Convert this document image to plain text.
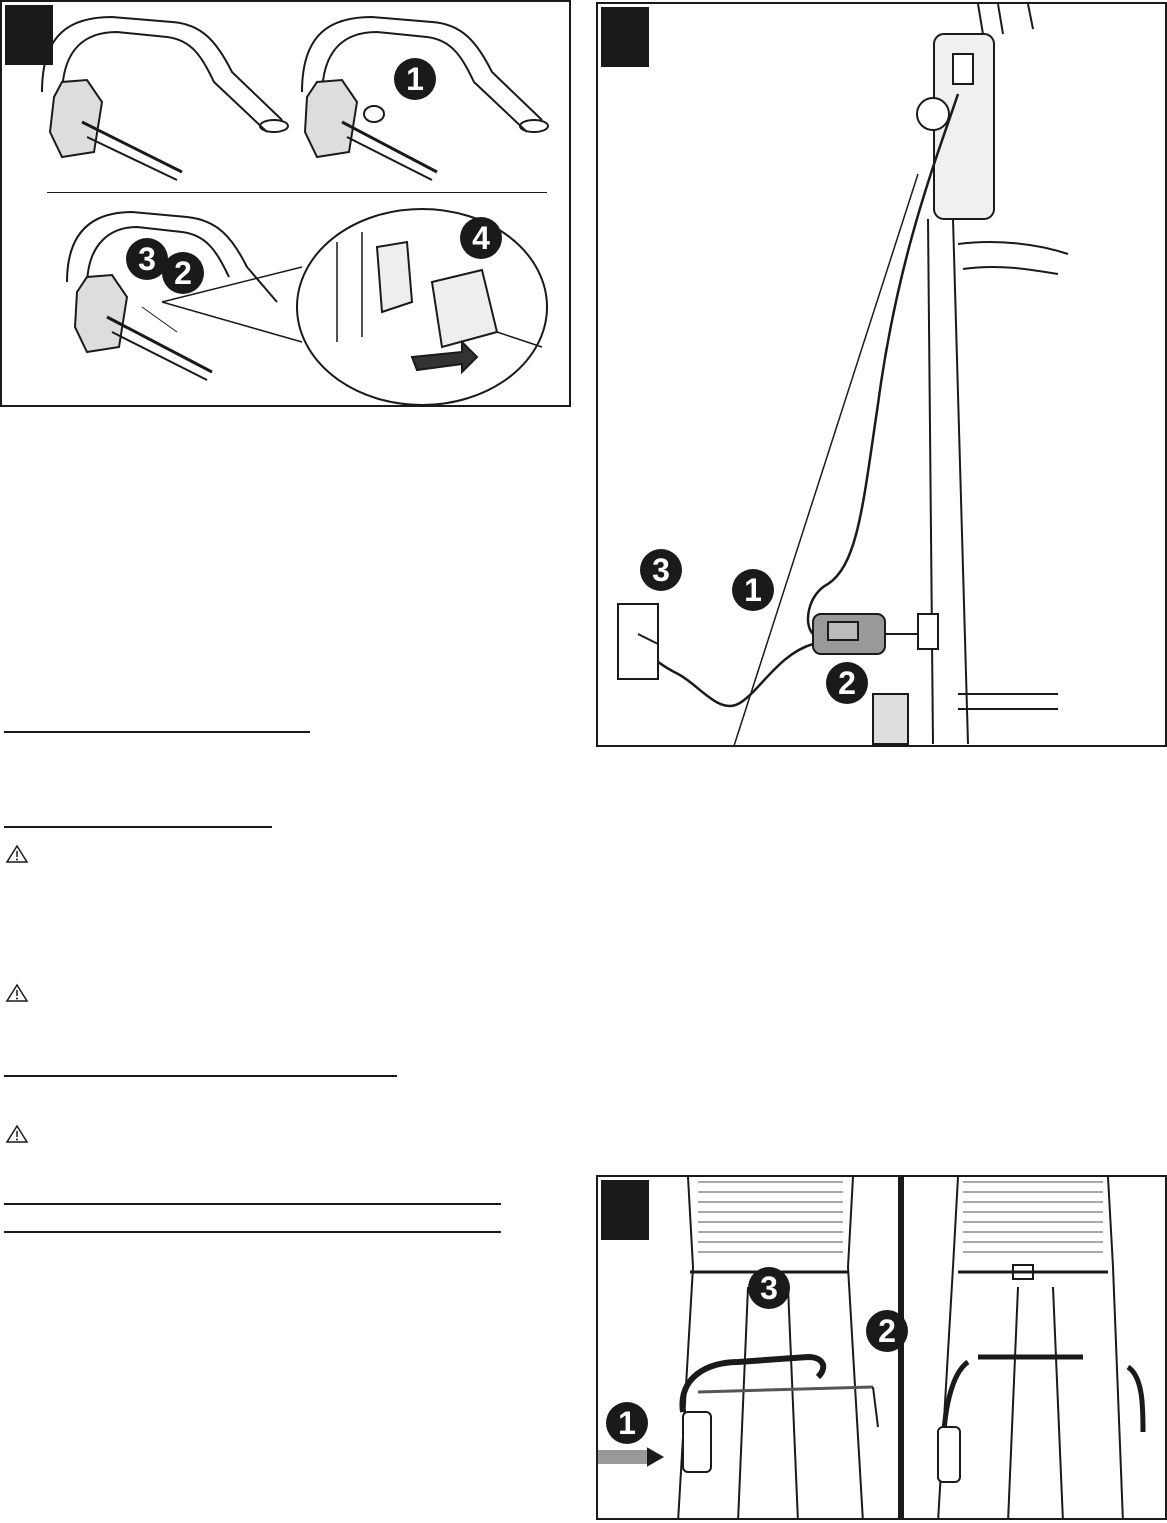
1
3 2
4
3
1
2
3
2
1
